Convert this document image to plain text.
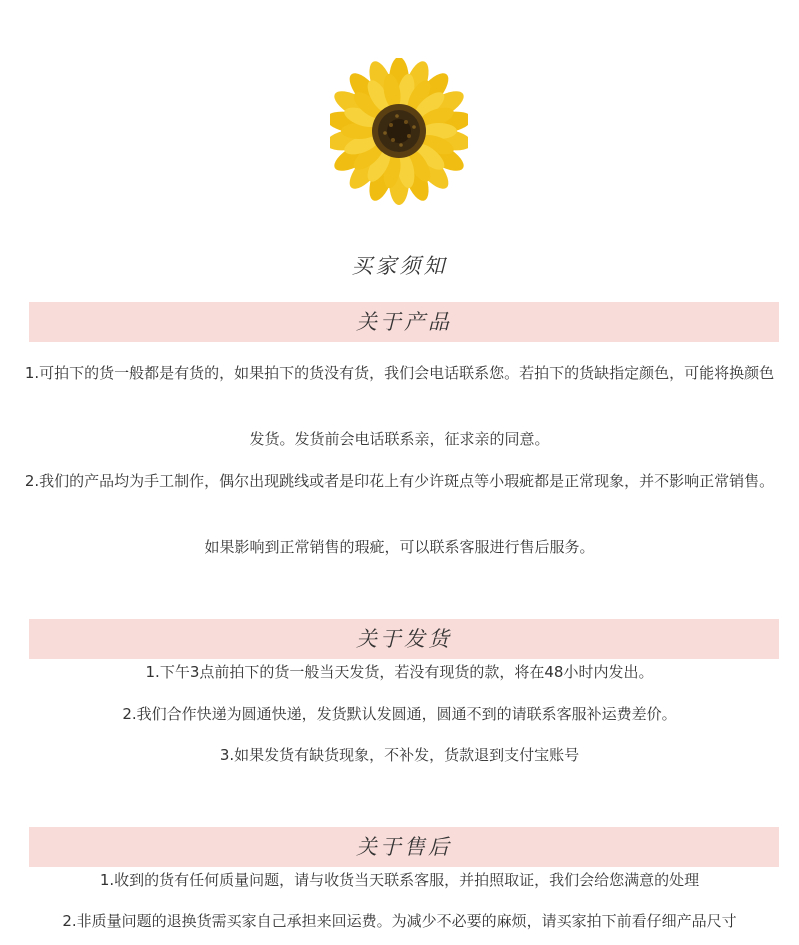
买家须知
关于产品
1.可拍下的货一般都是有货的，如果拍下的货没有货，我们会电话联系您。若拍下的货缺指定颜色，可能将换颜色
发货。发货前会电话联系亲，征求亲的同意。
2.我们的产品均为手工制作，偶尔出现跳线或者是印花上有少许斑点等小瑕疵都是正常现象，并不影响正常销售。
如果影响到正常销售的瑕疵，可以联系客服进行售后服务。
关于发货
1.下午3点前拍下的货一般当天发货，若没有现货的款，将在48小时内发出。
2.我们合作快递为圆通快递，发货默认发圆通，圆通不到的请联系客服补运费差价。
3.如果发货有缺货现象，不补发，货款退到支付宝账号
关于售后
1.收到的货有任何质量问题，请与收货当天联系客服，并拍照取证，我们会给您满意的处理
2.非质量问题的退换货需买家自己承担来回运费。为减少不必要的麻烦，请买家拍下前看仔细产品尺寸
